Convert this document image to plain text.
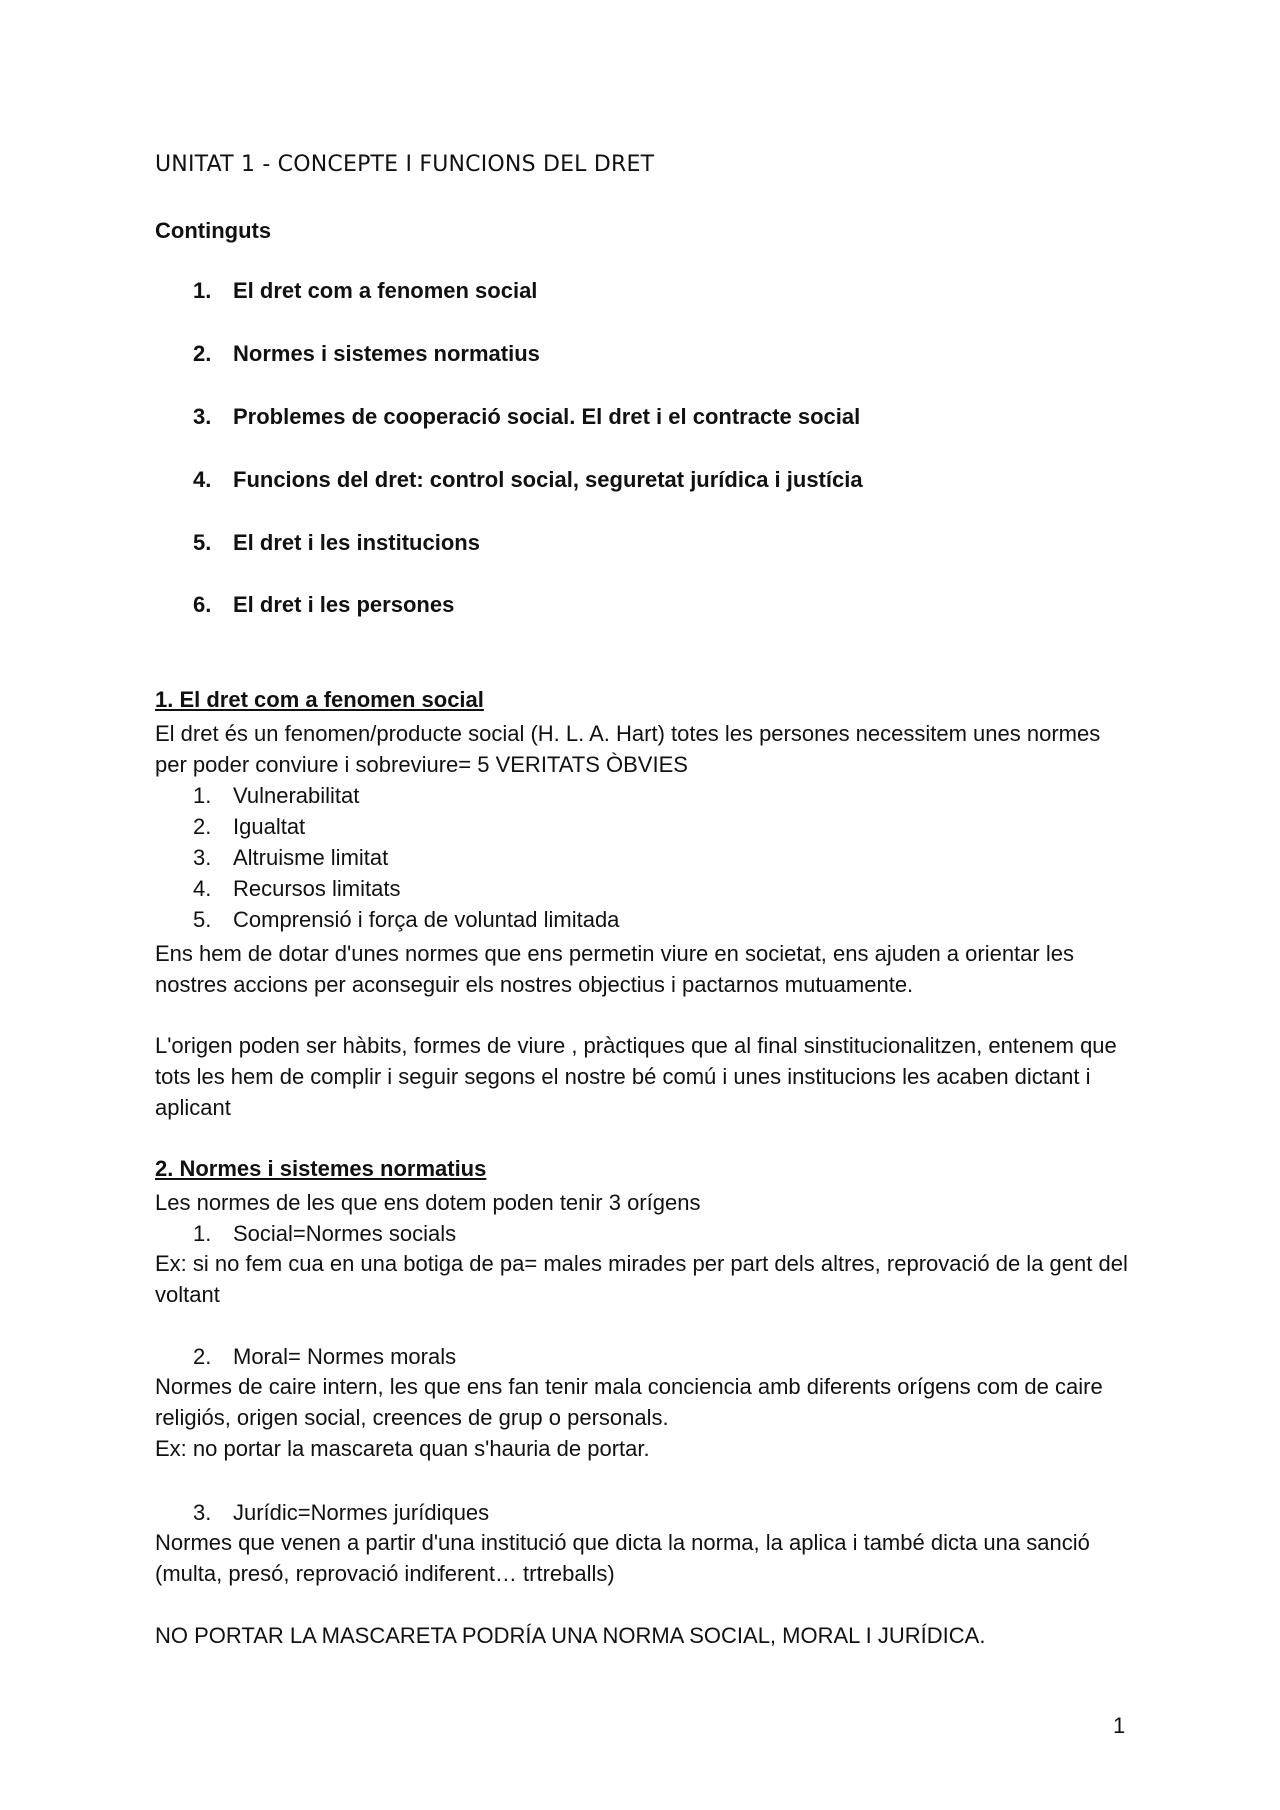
UNITAT 1 - CONCEPTE I FUNCIONS DEL DRET
Continguts
1. El dret com a fenomen social
2. Normes i sistemes normatius
3. Problemes de cooperació social. El dret i el contracte social
4. Funcions del dret: control social, seguretat jurídica i justícia
5. El dret i les institucions
6. El dret i les persones
1. El dret com a fenomen social

El dret és un fenomen/producte social (H. L. A. Hart) totes les persones necessitem unes normes per poder conviure i sobreviure= 5 VERITATS ÒBVIES

1. Vulnerabilitat
2. Igualtat
3. Altruisme limitat
4. Recursos limitats
5. Comprensió i força de voluntad limitada

Ens hem de dotar d'unes normes que ens permetin viure en societat, ens ajuden a orientar les nostres accions per aconseguir els nostres objectius i pactarnos mutuamente.

L'origen poden ser hàbits, formes de viure , pràctiques que al final sinstitucionalitzen, entenem que tots les hem de complir i seguir segons el nostre bé comú i unes institucions les acaben dictant i aplicant

2. Normes i sistemes normatius

Les normes de les que ens dotem poden tenir 3 orígens

1. Social=Normes socials

Ex: si no fem cua en una botiga de pa= males mirades per part dels altres, reprovació de la gent del voltant

2. Moral= Normes morals

Normes de caire intern, les que ens fan tenir mala conciencia amb diferents orígens com de caire religiós, origen social, creences de grup o personals.

Ex: no portar la mascareta quan s'hauria de portar.

3. Jurídic=Normes jurídiques

Normes que venen a partir d'una institució que dicta la norma, la aplica i també dicta una sanció (multa, presó, reprovació indiferent… trtreballs)

NO PORTAR LA MASCARETA PODRÍA UNA NORMA SOCIAL, MORAL I JURÍDICA.

1
